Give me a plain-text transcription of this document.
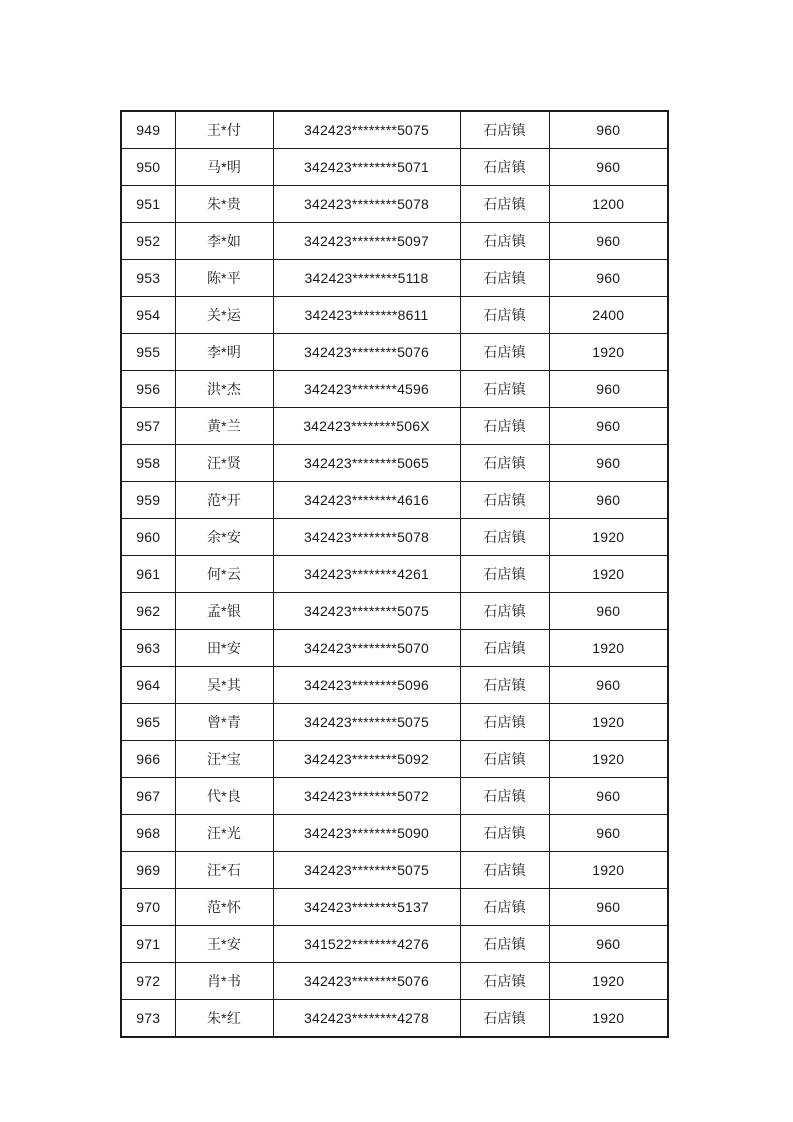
949	王*付	342423********5075	石店镇	960
950	马*明	342423********5071	石店镇	960
951	朱*贵	342423********5078	石店镇	1200
952	李*如	342423********5097	石店镇	960
953	陈*平	342423********5118	石店镇	960
954	关*运	342423********8611	石店镇	2400
955	李*明	342423********5076	石店镇	1920
956	洪*杰	342423********4596	石店镇	960
957	黄*兰	342423********506X	石店镇	960
958	汪*贤	342423********5065	石店镇	960
959	范*开	342423********4616	石店镇	960
960	余*安	342423********5078	石店镇	1920
961	何*云	342423********4261	石店镇	1920
962	孟*银	342423********5075	石店镇	960
963	田*安	342423********5070	石店镇	1920
964	吴*其	342423********5096	石店镇	960
965	曾*青	342423********5075	石店镇	1920
966	汪*宝	342423********5092	石店镇	1920
967	代*良	342423********5072	石店镇	960
968	汪*光	342423********5090	石店镇	960
969	汪*石	342423********5075	石店镇	1920
970	范*怀	342423********5137	石店镇	960
971	王*安	341522********4276	石店镇	960
972	肖*书	342423********5076	石店镇	1920
973	朱*红	342423********4278	石店镇	1920
